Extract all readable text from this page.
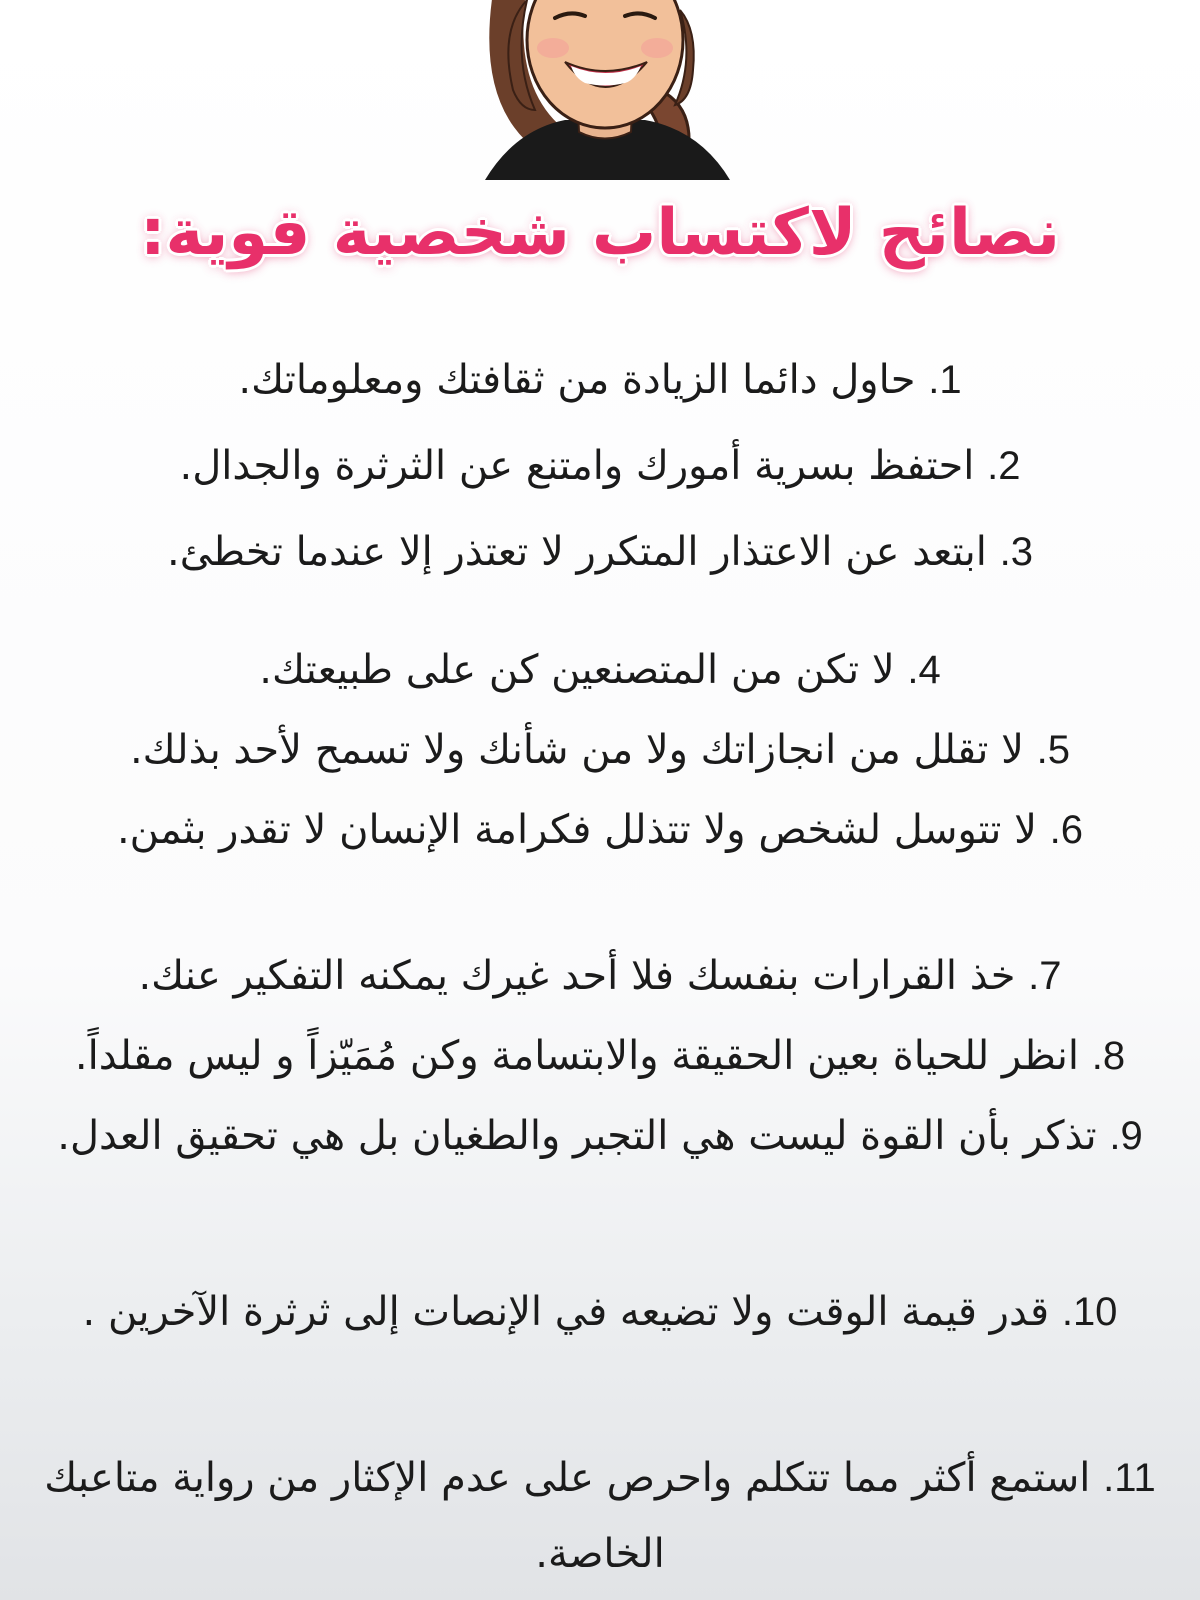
نصائح لاكتساب شخصية قوية:

1. حاول دائما الزيادة من ثقافتك ومعلوماتك.

2. احتفظ بسرية أمورك وامتنع عن الثرثرة والجدال.

3. ابتعد عن الاعتذار المتكرر لا تعتذر إلا عندما تخطئ.

4. لا تكن من المتصنعين كن على طبيعتك.

5. لا تقلل من انجازاتك ولا من شأنك ولا تسمح لأحد بذلك.

6. لا تتوسل لشخص ولا تتذلل فكرامة الإنسان لا تقدر بثمن.

7. خذ القرارات بنفسك فلا أحد غيرك يمكنه التفكير عنك.

8. انظر للحياة بعين الحقيقة والابتسامة وكن مُمَيّزاً و ليس مقلداً.

9. تذكر بأن القوة ليست هي التجبر والطغيان بل هي تحقيق العدل.

10. قدر قيمة الوقت ولا تضيعه في الإنصات إلى ثرثرة الآخرين .

11. استمع أكثر مما تتكلم واحرص على عدم الإكثار من رواية متاعبك الخاصة.
